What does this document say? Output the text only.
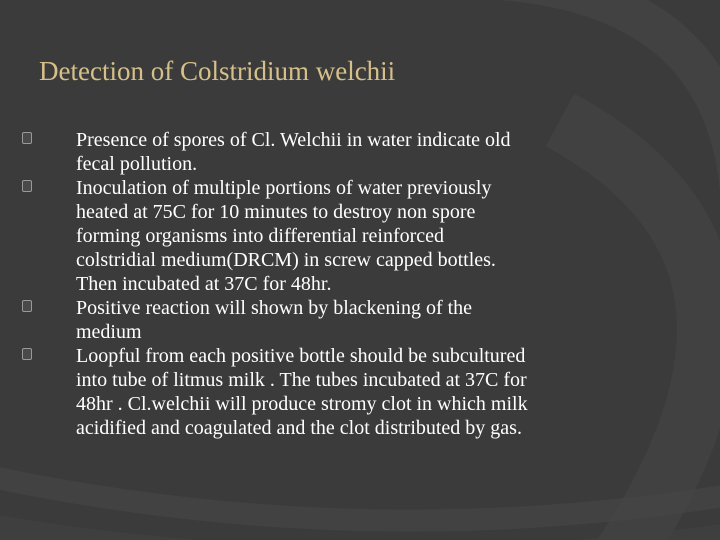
Detection of Colstridium welchii
Presence of spores of Cl. Welchii in water indicate old
fecal pollution.
Inoculation of multiple portions of water previously
heated at 75C for 10 minutes to destroy non spore
forming organisms into differential reinforced
colstridial medium(DRCM) in screw capped bottles.
Then incubated at 37C for 48hr.
Positive reaction will shown by blackening of the
medium
Loopful from each positive bottle should be subcultured
into tube of litmus milk . The tubes incubated at 37C for
48hr . Cl.welchii will produce stromy clot in which milk
acidified and coagulated and the clot distributed by gas.
